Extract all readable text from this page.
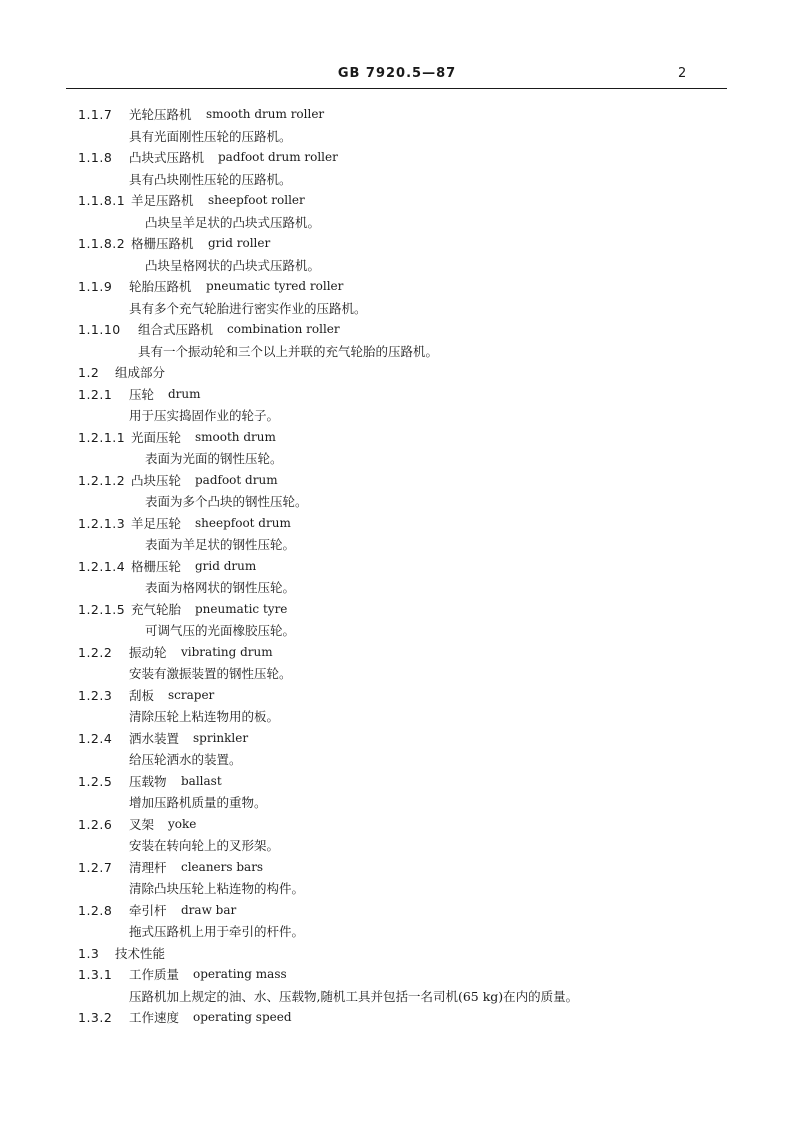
GB 7920.5—87	2
1.1.7 光轮压路机 smooth drum roller
具有光面刚性压轮的压路机。
1.1.8 凸块式压路机 padfoot drum roller
具有凸块刚性压轮的压路机。
1.1.8.1 羊足压路机 sheepfoot roller
凸块呈羊足状的凸块式压路机。
1.1.8.2 格栅压路机 grid roller
凸块呈格网状的凸块式压路机。
1.1.9 轮胎压路机 pneumatic tyred roller
具有多个充气轮胎进行密实作业的压路机。
1.1.10 组合式压路机 combination roller
具有一个振动轮和三个以上并联的充气轮胎的压路机。
1.2 组成部分
1.2.1 压轮 drum
用于压实捣固作业的轮子。
1.2.1.1 光面压轮 smooth drum
表面为光面的钢性压轮。
1.2.1.2 凸块压轮 padfoot drum
表面为多个凸块的钢性压轮。
1.2.1.3 羊足压轮 sheepfoot drum
表面为羊足状的钢性压轮。
1.2.1.4 格栅压轮 grid drum
表面为格网状的钢性压轮。
1.2.1.5 充气轮胎 pneumatic tyre
可调气压的光面橡胶压轮。
1.2.2 振动轮 vibrating drum
安装有激振装置的钢性压轮。
1.2.3 刮板 scraper
清除压轮上粘连物用的板。
1.2.4 洒水装置 sprinkler
给压轮洒水的装置。
1.2.5 压载物 ballast
增加压路机质量的重物。
1.2.6 叉架 yoke
安装在转向轮上的叉形架。
1.2.7 清理杆 cleaners bars
清除凸块压轮上粘连物的构件。
1.2.8 牵引杆 draw bar
拖式压路机上用于牵引的杆件。
1.3 技术性能
1.3.1 工作质量 operating mass
压路机加上规定的油、水、压载物,随机工具并包括一名司机(65 kg)在内的质量。
1.3.2 工作速度 operating speed
